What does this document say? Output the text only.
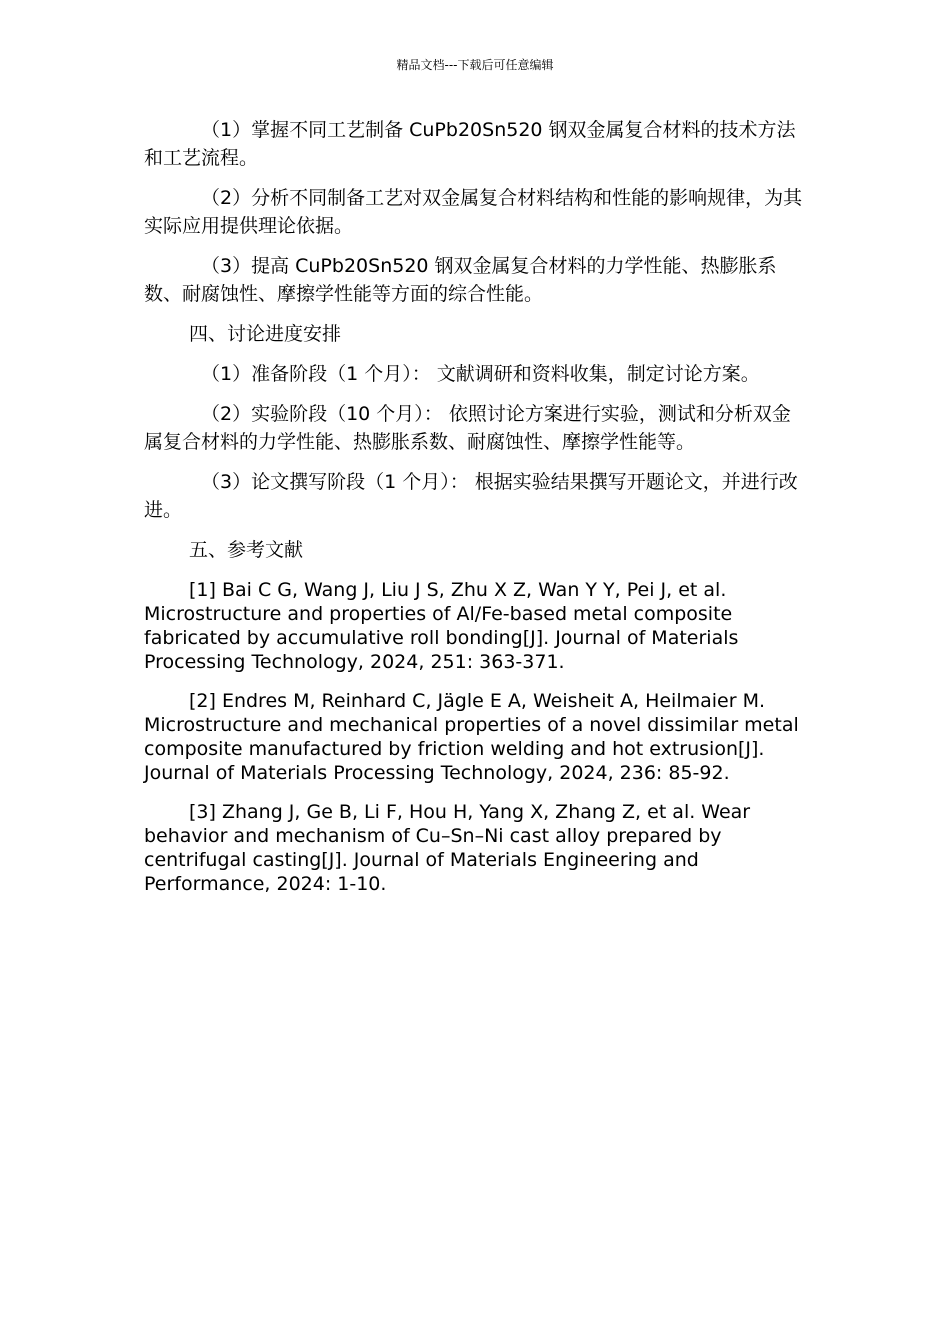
精品文档---下载后可任意编辑

（1）掌握不同工艺制备 CuPb20Sn520 钢双金属复合材料的技术方法和工艺流程。

（2）分析不同制备工艺对双金属复合材料结构和性能的影响规律，为其实际应用提供理论依据。

（3）提高 CuPb20Sn520 钢双金属复合材料的力学性能、热膨胀系数、耐腐蚀性、摩擦学性能等方面的综合性能。

四、讨论进度安排

（1）准备阶段（1 个月）： 文献调研和资料收集，制定讨论方案。

（2）实验阶段（10 个月）： 依照讨论方案进行实验，测试和分析双金属复合材料的力学性能、热膨胀系数、耐腐蚀性、摩擦学性能等。

（3）论文撰写阶段（1 个月）： 根据实验结果撰写开题论文，并进行改进。

五、参考文献

[1] Bai C G, Wang J, Liu J S, Zhu X Z, Wan Y Y, Pei J, et al. Microstructure and properties of Al/Fe-based metal composite fabricated by accumulative roll bonding[J]. Journal of Materials Processing Technology, 2024, 251: 363-371.

[2] Endres M, Reinhard C, Jägle E A, Weisheit A, Heilmaier M. Microstructure and mechanical properties of a novel dissimilar metal composite manufactured by friction welding and hot extrusion[J]. Journal of Materials Processing Technology, 2024, 236: 85-92.

[3] Zhang J, Ge B, Li F, Hou H, Yang X, Zhang Z, et al. Wear behavior and mechanism of Cu–Sn–Ni cast alloy prepared by centrifugal casting[J]. Journal of Materials Engineering and Performance, 2024: 1-10.
